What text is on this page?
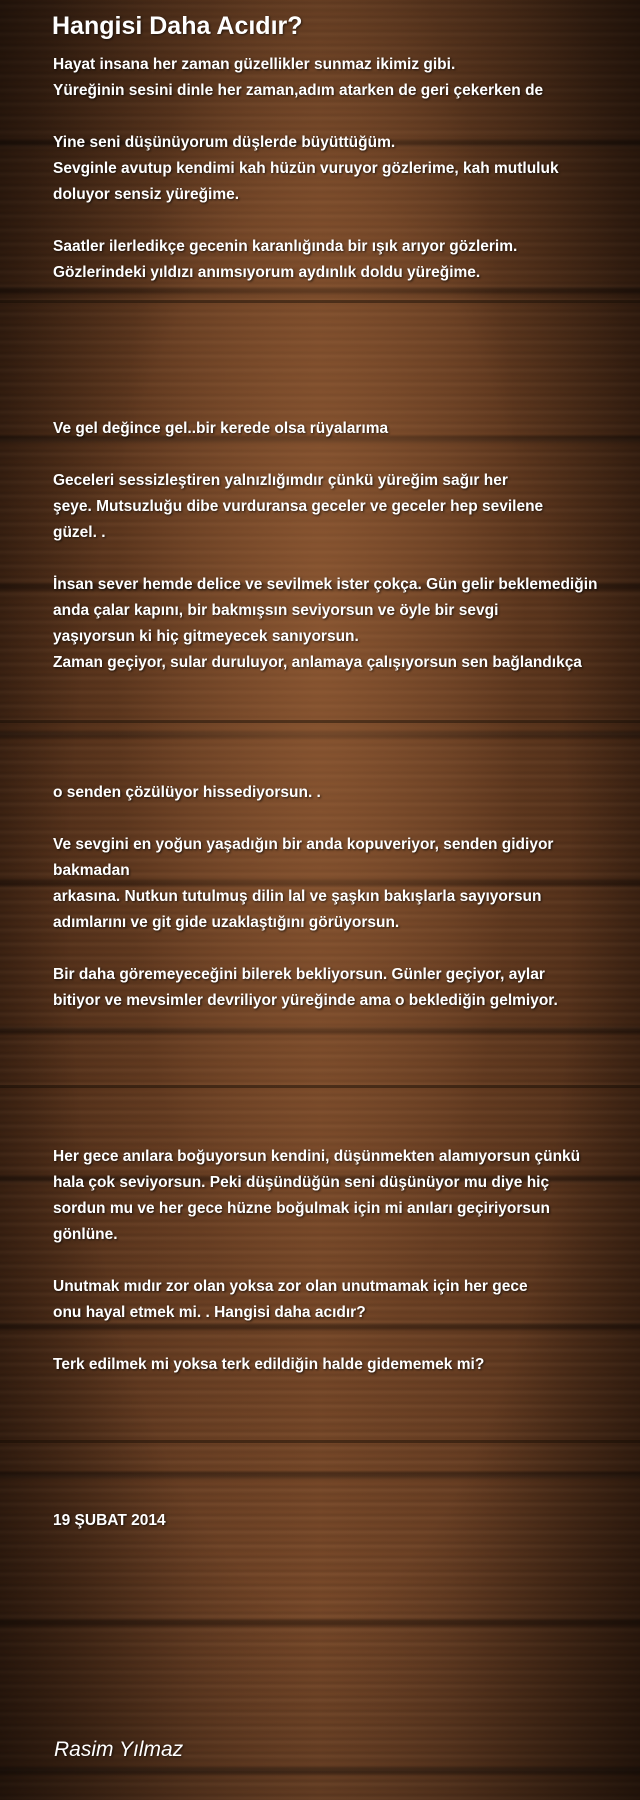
Hangisi Daha Acıdır?
Hayat insana her zaman güzellikler sunmaz ikimiz gibi.
Yüreğinin sesini dinle her zaman,adım atarken de geri çekerken de
Yine seni düşünüyorum düşlerde büyüttüğüm.
Sevginle avutup kendimi kah hüzün vuruyor gözlerime, kah mutluluk
doluyor sensiz yüreğime.
Saatler ilerledikçe gecenin karanlığında bir ışık arıyor gözlerim.
Gözlerindeki yıldızı anımsıyorum aydınlık doldu yüreğime.
Ve gel değince gel..bir kerede olsa rüyalarıma
Geceleri sessizleştiren yalnızlığımdır çünkü yüreğim sağır her
şeye. Mutsuzluğu dibe vurduransa geceler ve geceler hep sevilene
güzel. .
İnsan sever hemde delice ve sevilmek ister çokça. Gün gelir beklemediğin
anda çalar kapını, bir bakmışsın seviyorsun ve öyle bir sevgi
yaşıyorsun ki hiç gitmeyecek sanıyorsun.
Zaman geçiyor, sular duruluyor, anlamaya çalışıyorsun sen bağlandıkça
o senden çözülüyor hissediyorsun. .
Ve sevgini en yoğun yaşadığın bir anda kopuveriyor, senden gidiyor
bakmadan
arkasına. Nutkun tutulmuş dilin lal ve şaşkın bakışlarla sayıyorsun
adımlarını ve git gide uzaklaştığını görüyorsun.
Bir daha göremeyeceğini bilerek bekliyorsun. Günler geçiyor, aylar
bitiyor ve mevsimler devriliyor yüreğinde ama o beklediğin gelmiyor.
Her gece anılara boğuyorsun kendini, düşünmekten alamıyorsun çünkü
hala çok seviyorsun. Peki düşündüğün seni düşünüyor mu diye hiç
sordun mu ve her gece hüzne boğulmak için mi anıları geçiriyorsun
gönlüne.
Unutmak mıdır zor olan yoksa zor olan unutmamak için her gece
onu hayal etmek mi. . Hangisi daha acıdır?
Terk edilmek mi yoksa terk edildiğin halde gidememek mi?
19 ŞUBAT 2014
Rasim Yılmaz
